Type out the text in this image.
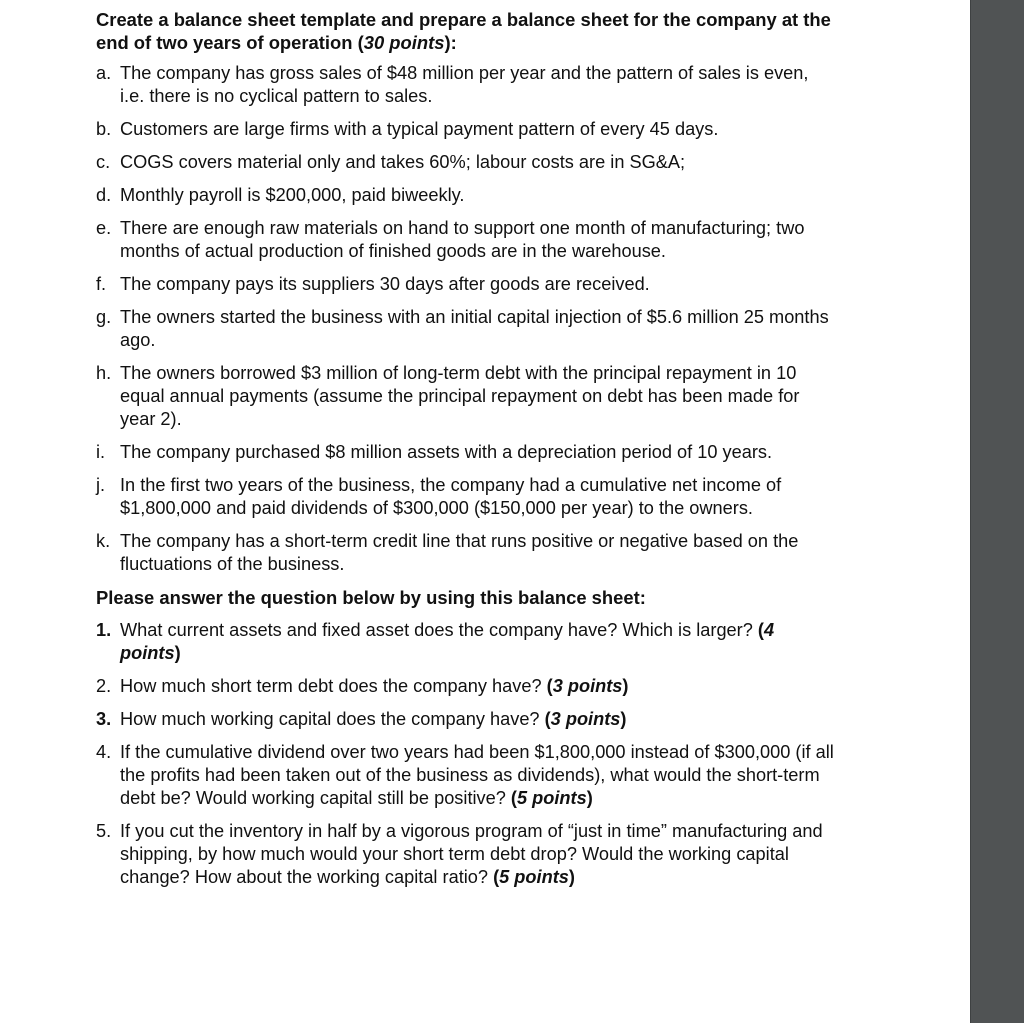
Create a balance sheet template and prepare a balance sheet for the company at the end of two years of operation (30 points):
a. The company has gross sales of $48 million per year and the pattern of sales is even, i.e. there is no cyclical pattern to sales.
b. Customers are large firms with a typical payment pattern of every 45 days.
c. COGS covers material only and takes 60%; labour costs are in SG&A;
d. Monthly payroll is $200,000, paid biweekly.
e. There are enough raw materials on hand to support one month of manufacturing; two months of actual production of finished goods are in the warehouse.
f. The company pays its suppliers 30 days after goods are received.
g. The owners started the business with an initial capital injection of $5.6 million 25 months ago.
h. The owners borrowed $3 million of long-term debt with the principal repayment in 10 equal annual payments (assume the principal repayment on debt has been made for year 2).
i. The company purchased $8 million assets with a depreciation period of 10 years.
j. In the first two years of the business, the company had a cumulative net income of $1,800,000 and paid dividends of $300,000 ($150,000 per year) to the owners.
k. The company has a short-term credit line that runs positive or negative based on the fluctuations of the business.
Please answer the question below by using this balance sheet:
1. What current assets and fixed asset does the company have? Which is larger? (4 points)
2. How much short term debt does the company have? (3 points)
3. How much working capital does the company have? (3 points)
4. If the cumulative dividend over two years had been $1,800,000 instead of $300,000 (if all the profits had been taken out of the business as dividends), what would the short-term debt be? Would working capital still be positive? (5 points)
5. If you cut the inventory in half by a vigorous program of “just in time” manufacturing and shipping, by how much would your short term debt drop? Would the working capital change? How about the working capital ratio? (5 points)
